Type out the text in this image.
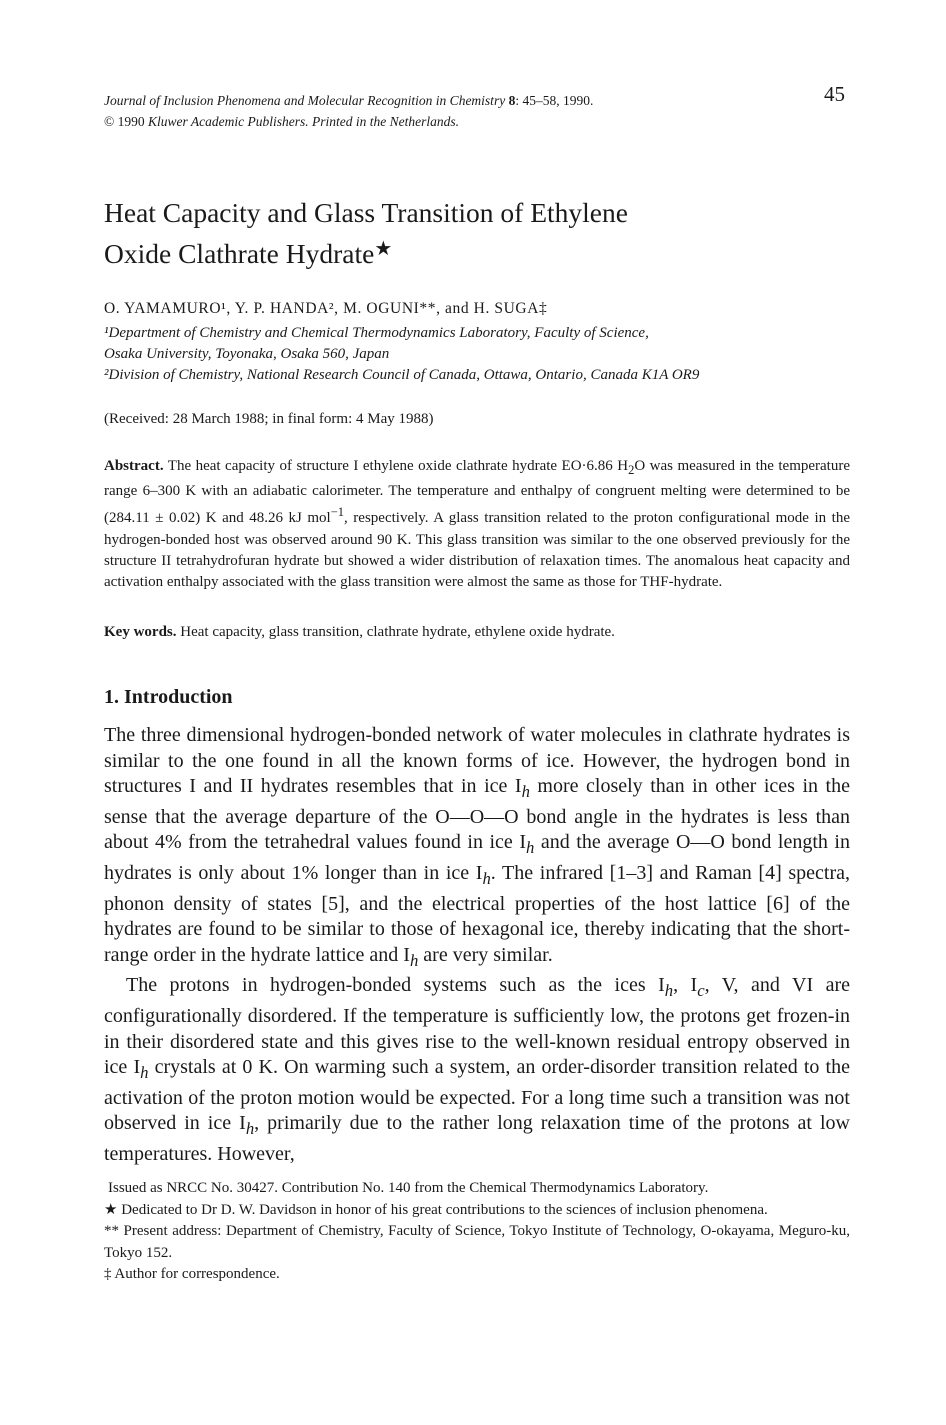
Journal of Inclusion Phenomena and Molecular Recognition in Chemistry 8: 45–58, 1990.
© 1990 Kluwer Academic Publishers. Printed in the Netherlands.
45
Heat Capacity and Glass Transition of Ethylene
Oxide Clathrate Hydrate★
O. YAMAMURO¹, Y. P. HANDA², M. OGUNI**, and H. SUGA‡
¹Department of Chemistry and Chemical Thermodynamics Laboratory, Faculty of Science,
Osaka University, Toyonaka, Osaka 560, Japan
²Division of Chemistry, National Research Council of Canada, Ottawa, Ontario, Canada K1A OR9
(Received: 28 March 1988; in final form: 4 May 1988)

Abstract. The heat capacity of structure I ethylene oxide clathrate hydrate EO·6.86 $H_2O$ was measured in the temperature range 6–300 K with an adiabatic calorimeter. The temperature and enthalpy of congruent melting were determined to be (284.11 ± 0.02) K and 48.26 kJ mol$^{-1}$, respectively. A glass transition related to the proton configurational mode in the hydrogen-bonded host was observed around 90 K. This glass transition was similar to the one observed previously for the structure II tetrahydrofuran hydrate but showed a wider distribution of relaxation times. The anomalous heat capacity and activation enthalpy associated with the glass transition were almost the same as those for THF-hydrate.

Key words. Heat capacity, glass transition, clathrate hydrate, ethylene oxide hydrate.

1. Introduction

The three dimensional hydrogen-bonded network of water molecules in clathrate hydrates is similar to the one found in all the known forms of ice. However, the hydrogen bond in structures I and II hydrates resembles that in ice $I_h$ more closely than in other ices in the sense that the average departure of the O—O—O bond angle in the hydrates is less than about 4% from the tetrahedral values found in ice $I_h$ and the average O—O bond length in hydrates is only about 1% longer than in ice $I_h$. The infrared [1–3] and Raman [4] spectra, phonon density of states [5], and the electrical properties of the host lattice [6] of the hydrates are found to be similar to those of hexagonal ice, thereby indicating that the short-range order in the hydrate lattice and $I_h$ are very similar.

The protons in hydrogen-bonded systems such as the ices $I_h$, $I_c$, V, and VI are configurationally disordered. If the temperature is sufficiently low, the protons get frozen-in in their disordered state and this gives rise to the well-known residual entropy observed in ice $I_h$ crystals at 0 K. On warming such a system, an order-disorder transition related to the activation of the proton motion would be expected. For a long time such a transition was not observed in ice $I_h$, primarily due to the rather long relaxation time of the protons at low temperatures. However,

Issued as NRCC No. 30427. Contribution No. 140 from the Chemical Thermodynamics Laboratory.

★ Dedicated to Dr D. W. Davidson in honor of his great contributions to the sciences of inclusion phenomena.

** Present address: Department of Chemistry, Faculty of Science, Tokyo Institute of Technology, O-okayama, Meguro-ku, Tokyo 152.

‡ Author for correspondence.
